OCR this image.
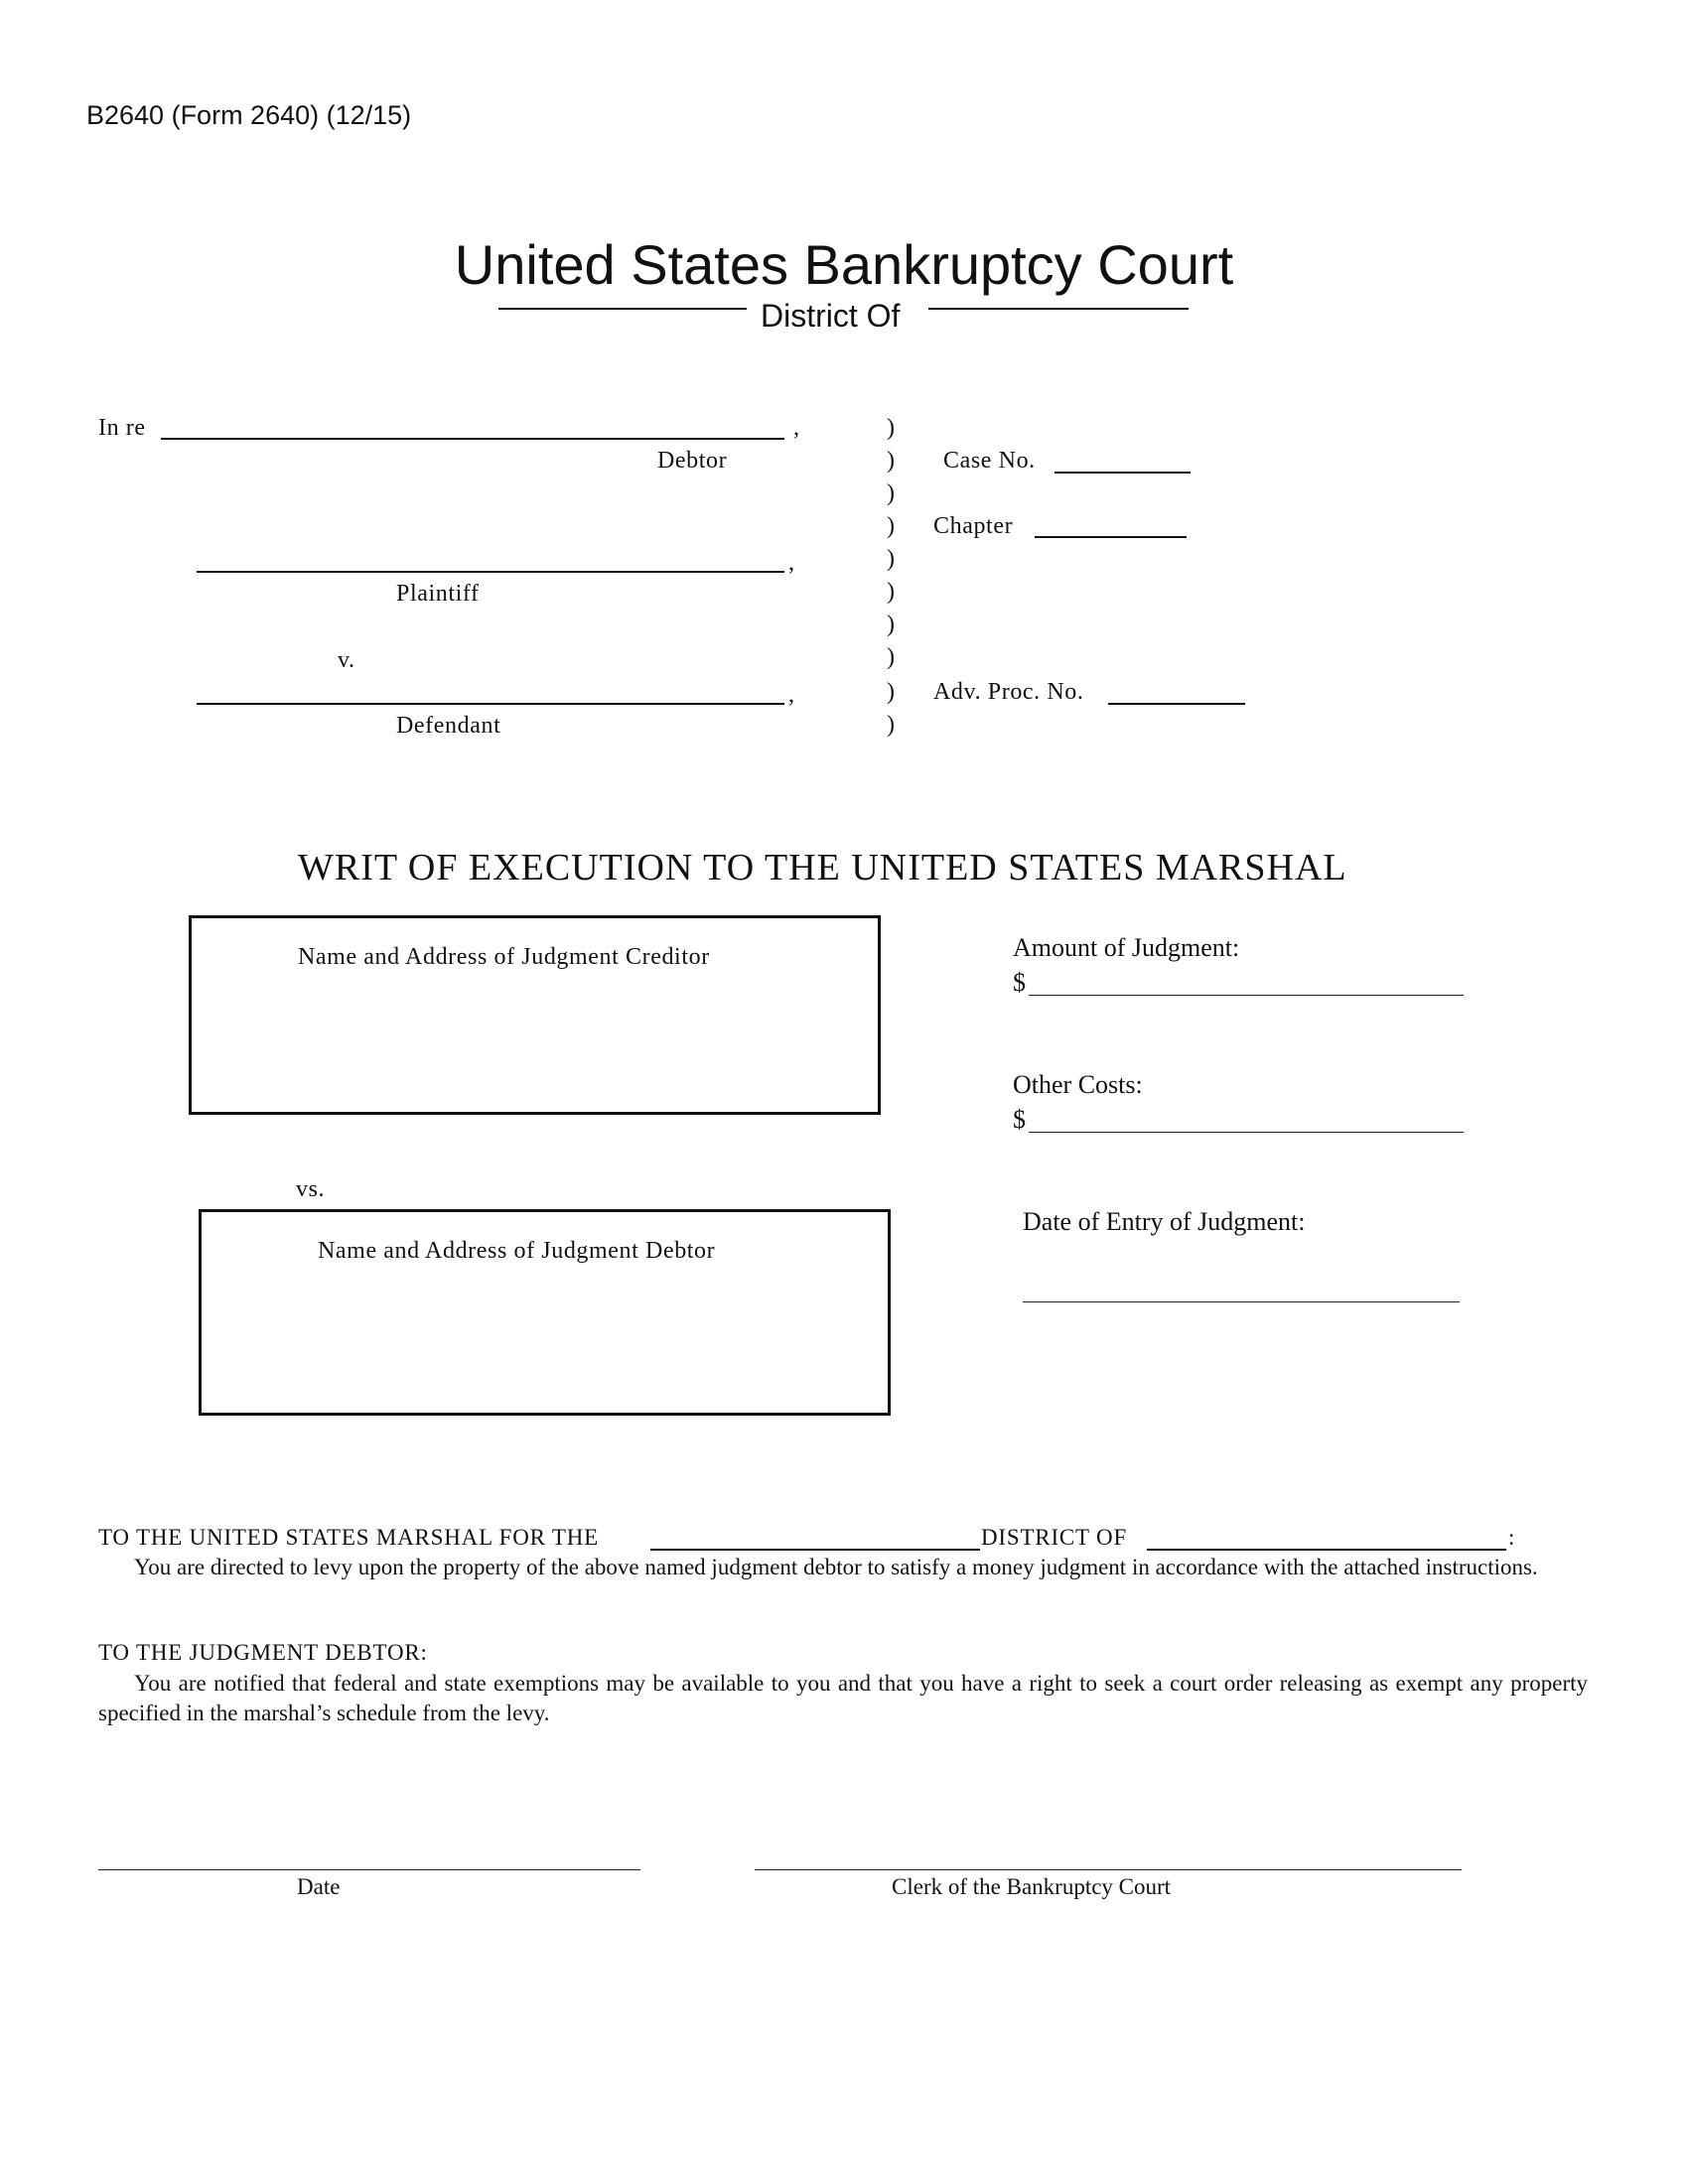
B2640 (Form 2640) (12/15)
United States Bankruptcy Court
District Of
In re	,
Debtor
,
Plaintiff
v.
,
Defendant
)
)
)
)
)
)
)
)
)
)
Case No.
Chapter
Adv. Proc. No.
WRIT OF EXECUTION TO THE UNITED STATES MARSHAL
Name and Address of Judgment Creditor
vs.
Name and Address of Judgment Debtor
Amount of Judgment:
$
Other Costs:
$
Date of Entry of Judgment:
TO THE UNITED STATES MARSHAL FOR THE	DISTRICT OF	:
You are directed to levy upon the property of the above named judgment debtor to satisfy a money judgment in accordance with the attached instructions.
TO THE JUDGMENT DEBTOR:
You are notified that federal and state exemptions may be available to you and that you have a right to seek a court order releasing as exempt any property specified in the marshal’s schedule from the levy.
Date	Clerk of the Bankruptcy Court
